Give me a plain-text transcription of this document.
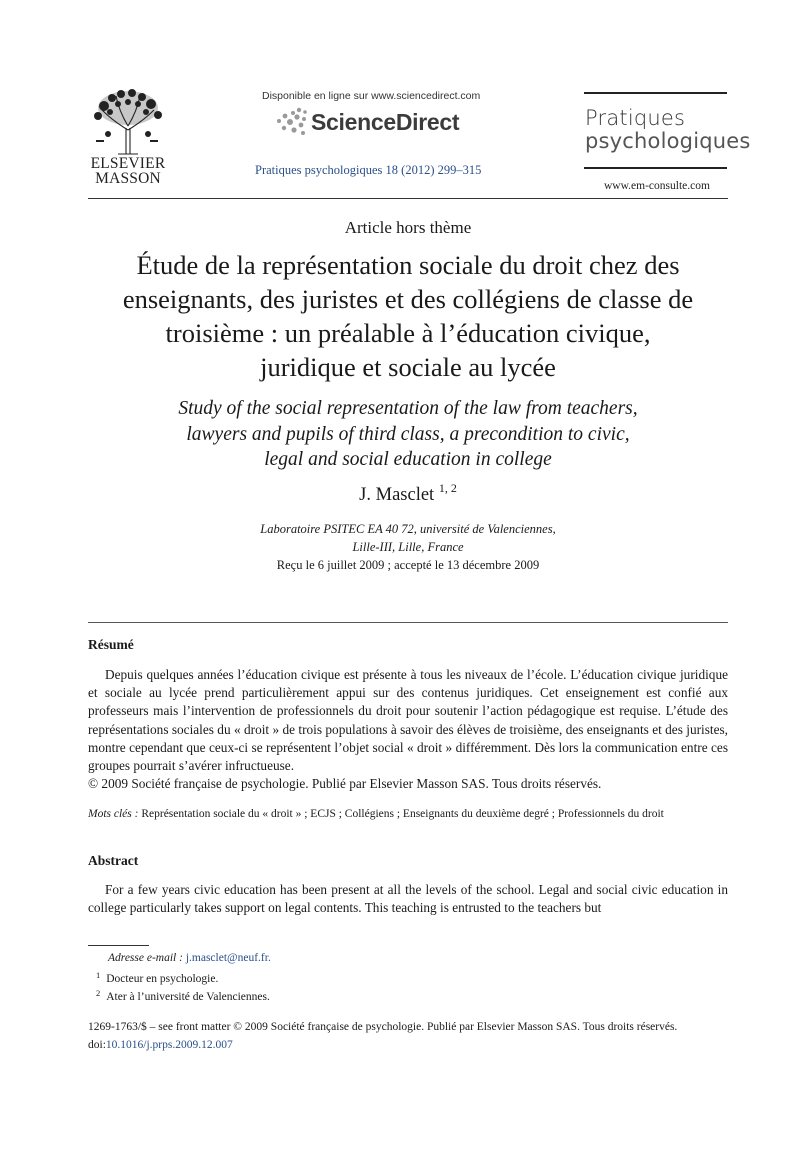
ELSEVIER
MASSON
Disponible en ligne sur www.sciencedirect.com
ScienceDirect
Pratiques psychologiques 18 (2012) 299–315
Pratiques
psychologiques
www.em-consulte.com
Article hors thème
Étude de la représentation sociale du droit chez des
enseignants, des juristes et des collégiens de classe de
troisième : un préalable à l’éducation civique,
juridique et sociale au lycée
Study of the social representation of the law from teachers,
lawyers and pupils of third class, a precondition to civic,
legal and social education in college
J. Masclet $^{1, 2}$
Laboratoire PSITEC EA 40 72, université de Valenciennes,
Lille-III, Lille, France
Reçu le 6 juillet 2009 ; accepté le 13 décembre 2009
Résumé

Depuis quelques années l’éducation civique est présente à tous les niveaux de l’école. L’éducation civique juridique et sociale au lycée prend particulièrement appui sur des contenus juridiques. Cet enseignement est confié aux professeurs mais l’intervention de professionnels du droit pour soutenir l’action pédagogique est requise. L’étude des représentations sociales du « droit » de trois populations à savoir des élèves de troisième, des enseignants et des juristes, montre cependant que ceux-ci se représentent l’objet social « droit » différemment. Dès lors la communication entre ces groupes pourrait s’avérer infructueuse.

© 2009 Société française de psychologie. Publié par Elsevier Masson SAS. Tous droits réservés.
Mots clés : Représentation sociale du « droit » ; ECJS ; Collégiens ; Enseignants du deuxième degré ; Professionnels du droit
Abstract

For a few years civic education has been present at all the levels of the school. Legal and social civic education in college particularly takes support on legal contents. This teaching is entrusted to the teachers but

Adresse e-mail : j.masclet@neuf.fr.
$^1$ Docteur en psychologie.
$^2$ Ater à l’université de Valenciennes.
1269-1763/$ – see front matter © 2009 Société française de psychologie. Publié par Elsevier Masson SAS. Tous droits réservés.
doi:10.1016/j.prps.2009.12.007
